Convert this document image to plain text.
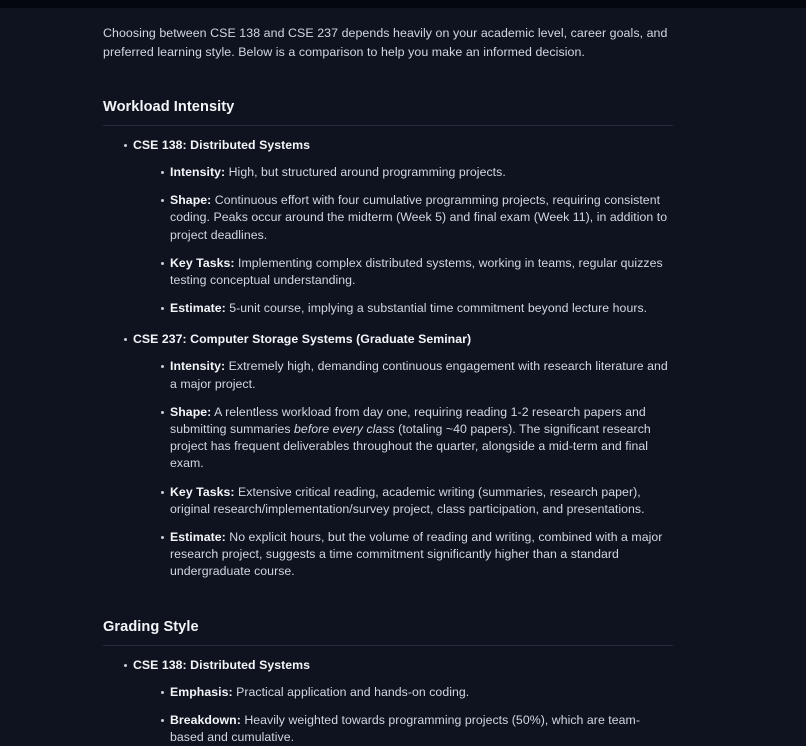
Choosing between CSE 138 and CSE 237 depends heavily on your academic level, career goals, and preferred learning style. Below is a comparison to help you make an informed decision.

Workload Intensity
CSE 138: Distributed Systems
Intensity: High, but structured around programming projects.
Shape: Continuous effort with four cumulative programming projects, requiring consistent coding. Peaks occur around the midterm (Week 5) and final exam (Week 11), in addition to project deadlines.
Key Tasks: Implementing complex distributed systems, working in teams, regular quizzes testing conceptual understanding.
Estimate: 5-unit course, implying a substantial time commitment beyond lecture hours.
CSE 237: Computer Storage Systems (Graduate Seminar)
Intensity: Extremely high, demanding continuous engagement with research literature and a major project.
Shape: A relentless workload from day one, requiring reading 1-2 research papers and submitting summaries before every class (totaling ~40 papers). The significant research project has frequent deliverables throughout the quarter, alongside a mid-term and final exam.
Key Tasks: Extensive critical reading, academic writing (summaries, research paper), original research/implementation/survey project, class participation, and presentations.
Estimate: No explicit hours, but the volume of reading and writing, combined with a major research project, suggests a time commitment significantly higher than a standard undergraduate course.
Grading Style
CSE 138: Distributed Systems
Emphasis: Practical application and hands-on coding.
Breakdown: Heavily weighted towards programming projects (50%), which are team-based and cumulative.
